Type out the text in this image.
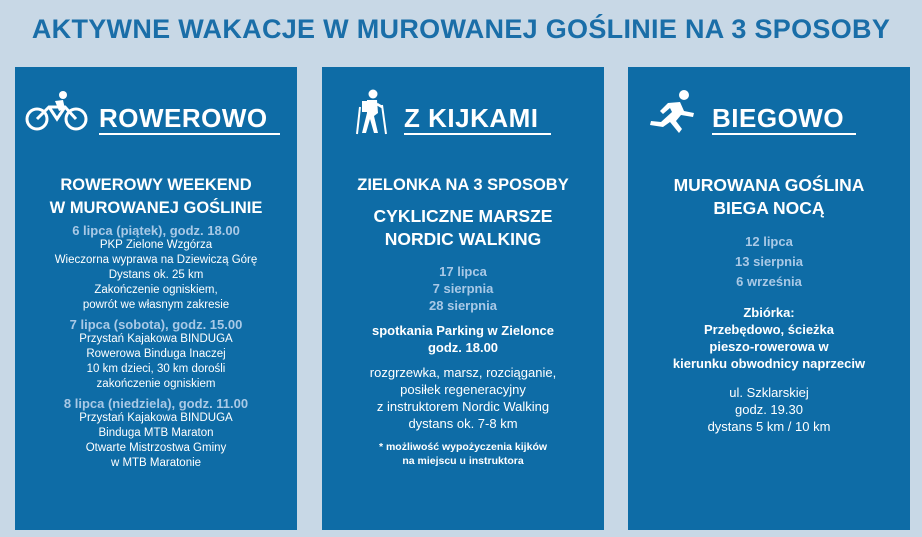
AKTYWNE WAKACJE W MUROWANEJ GOŚLINIE NA 3 SPOSOBY
ROWEROWO
ROWEROWY WEEKEND
W MUROWANEJ GOŚLINIE
6 lipca (piątek), godz. 18.00
PKP Zielone Wzgórza
Wieczorna wyprawa na Dziewiczą Górę
Dystans ok. 25 km
Zakończenie ogniskiem,
powrót we własnym zakresie
7 lipca (sobota), godz. 15.00
Przystań Kajakowa BINDUGA
Rowerowa Binduga Inaczej
10 km dzieci, 30 km dorośli
zakończenie ogniskiem
8 lipca (niedziela), godz. 11.00
Przystań Kajakowa BINDUGA
Binduga MTB Maraton
Otwarte Mistrzostwa Gminy
w MTB Maratonie
Z KIJKAMI
ZIELONKA NA 3 SPOSOBY
CYKLICZNE MARSZE
NORDIC WALKING
17 lipca
7 sierpnia
28 sierpnia
spotkania Parking w Zielonce
godz. 18.00
rozgrzewka, marsz, rozciąganie,
posiłek regeneracyjny
z instruktorem Nordic Walking
dystans ok. 7-8 km
* możliwość wypożyczenia kijków
na miejscu u instruktora
BIEGOWO
MUROWANA GOŚLINA
BIEGA NOCĄ
12 lipca
13 sierpnia
6 września
Zbiórka:
Przebędowo, ścieżka
pieszo-rowerowa w
kierunku obwodnicy naprzeciw
ul. Szklarskiej
godz. 19.30
dystans 5 km / 10 km
